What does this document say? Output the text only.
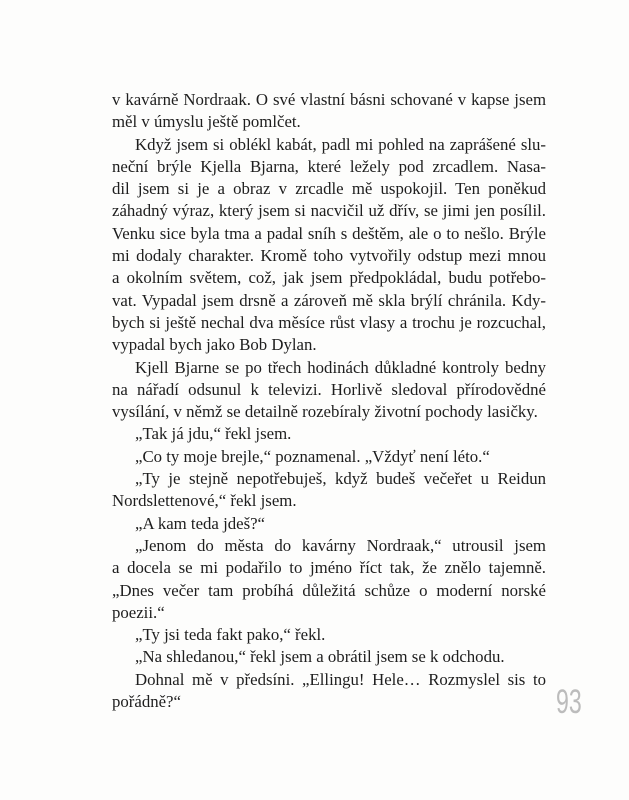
v kavárně Nordraak. O své vlastní básni schované v kapse jsem
měl v úmyslu ještě pomlčet.
Když jsem si oblékl kabát, padl mi pohled na zaprášené slu-
neční brýle Kjella Bjarna, které ležely pod zrcadlem. Nasa-
dil jsem si je a obraz v zrcadle mě uspokojil. Ten poněkud
záhadný výraz, který jsem si nacvičil už dřív, se jimi jen posílil.
Venku sice byla tma a padal sníh s deštěm, ale o to nešlo. Brýle
mi dodaly charakter. Kromě toho vytvořily odstup mezi mnou
a okolním světem, což, jak jsem předpokládal, budu potřebo-
vat. Vypadal jsem drsně a zároveň mě skla brýlí chránila. Kdy-
bych si ještě nechal dva měsíce růst vlasy a trochu je rozcuchal,
vypadal bych jako Bob Dylan.
Kjell Bjarne se po třech hodinách důkladné kontroly bedny
na nářadí odsunul k televizi. Horlivě sledoval přírodovědné
vysílání, v němž se detailně rozebíraly životní pochody lasičky.
„Tak já jdu,“ řekl jsem.
„Co ty moje brejle,“ poznamenal. „Vždyť není léto.“
„Ty je stejně nepotřebuješ, když budeš večeřet u Reidun
Nordslettenové,“ řekl jsem.
„A kam teda jdeš?“
„Jenom do města do kavárny Nordraak,“ utrousil jsem
a docela se mi podařilo to jméno říct tak, že znělo tajemně.
„Dnes večer tam probíhá důležitá schůze o moderní norské
poezii.“
„Ty jsi teda fakt pako,“ řekl.
„Na shledanou,“ řekl jsem a obrátil jsem se k odchodu.
Dohnal mě v předsíni. „Ellingu! Hele… Rozmyslel sis to
pořádně?“	93
